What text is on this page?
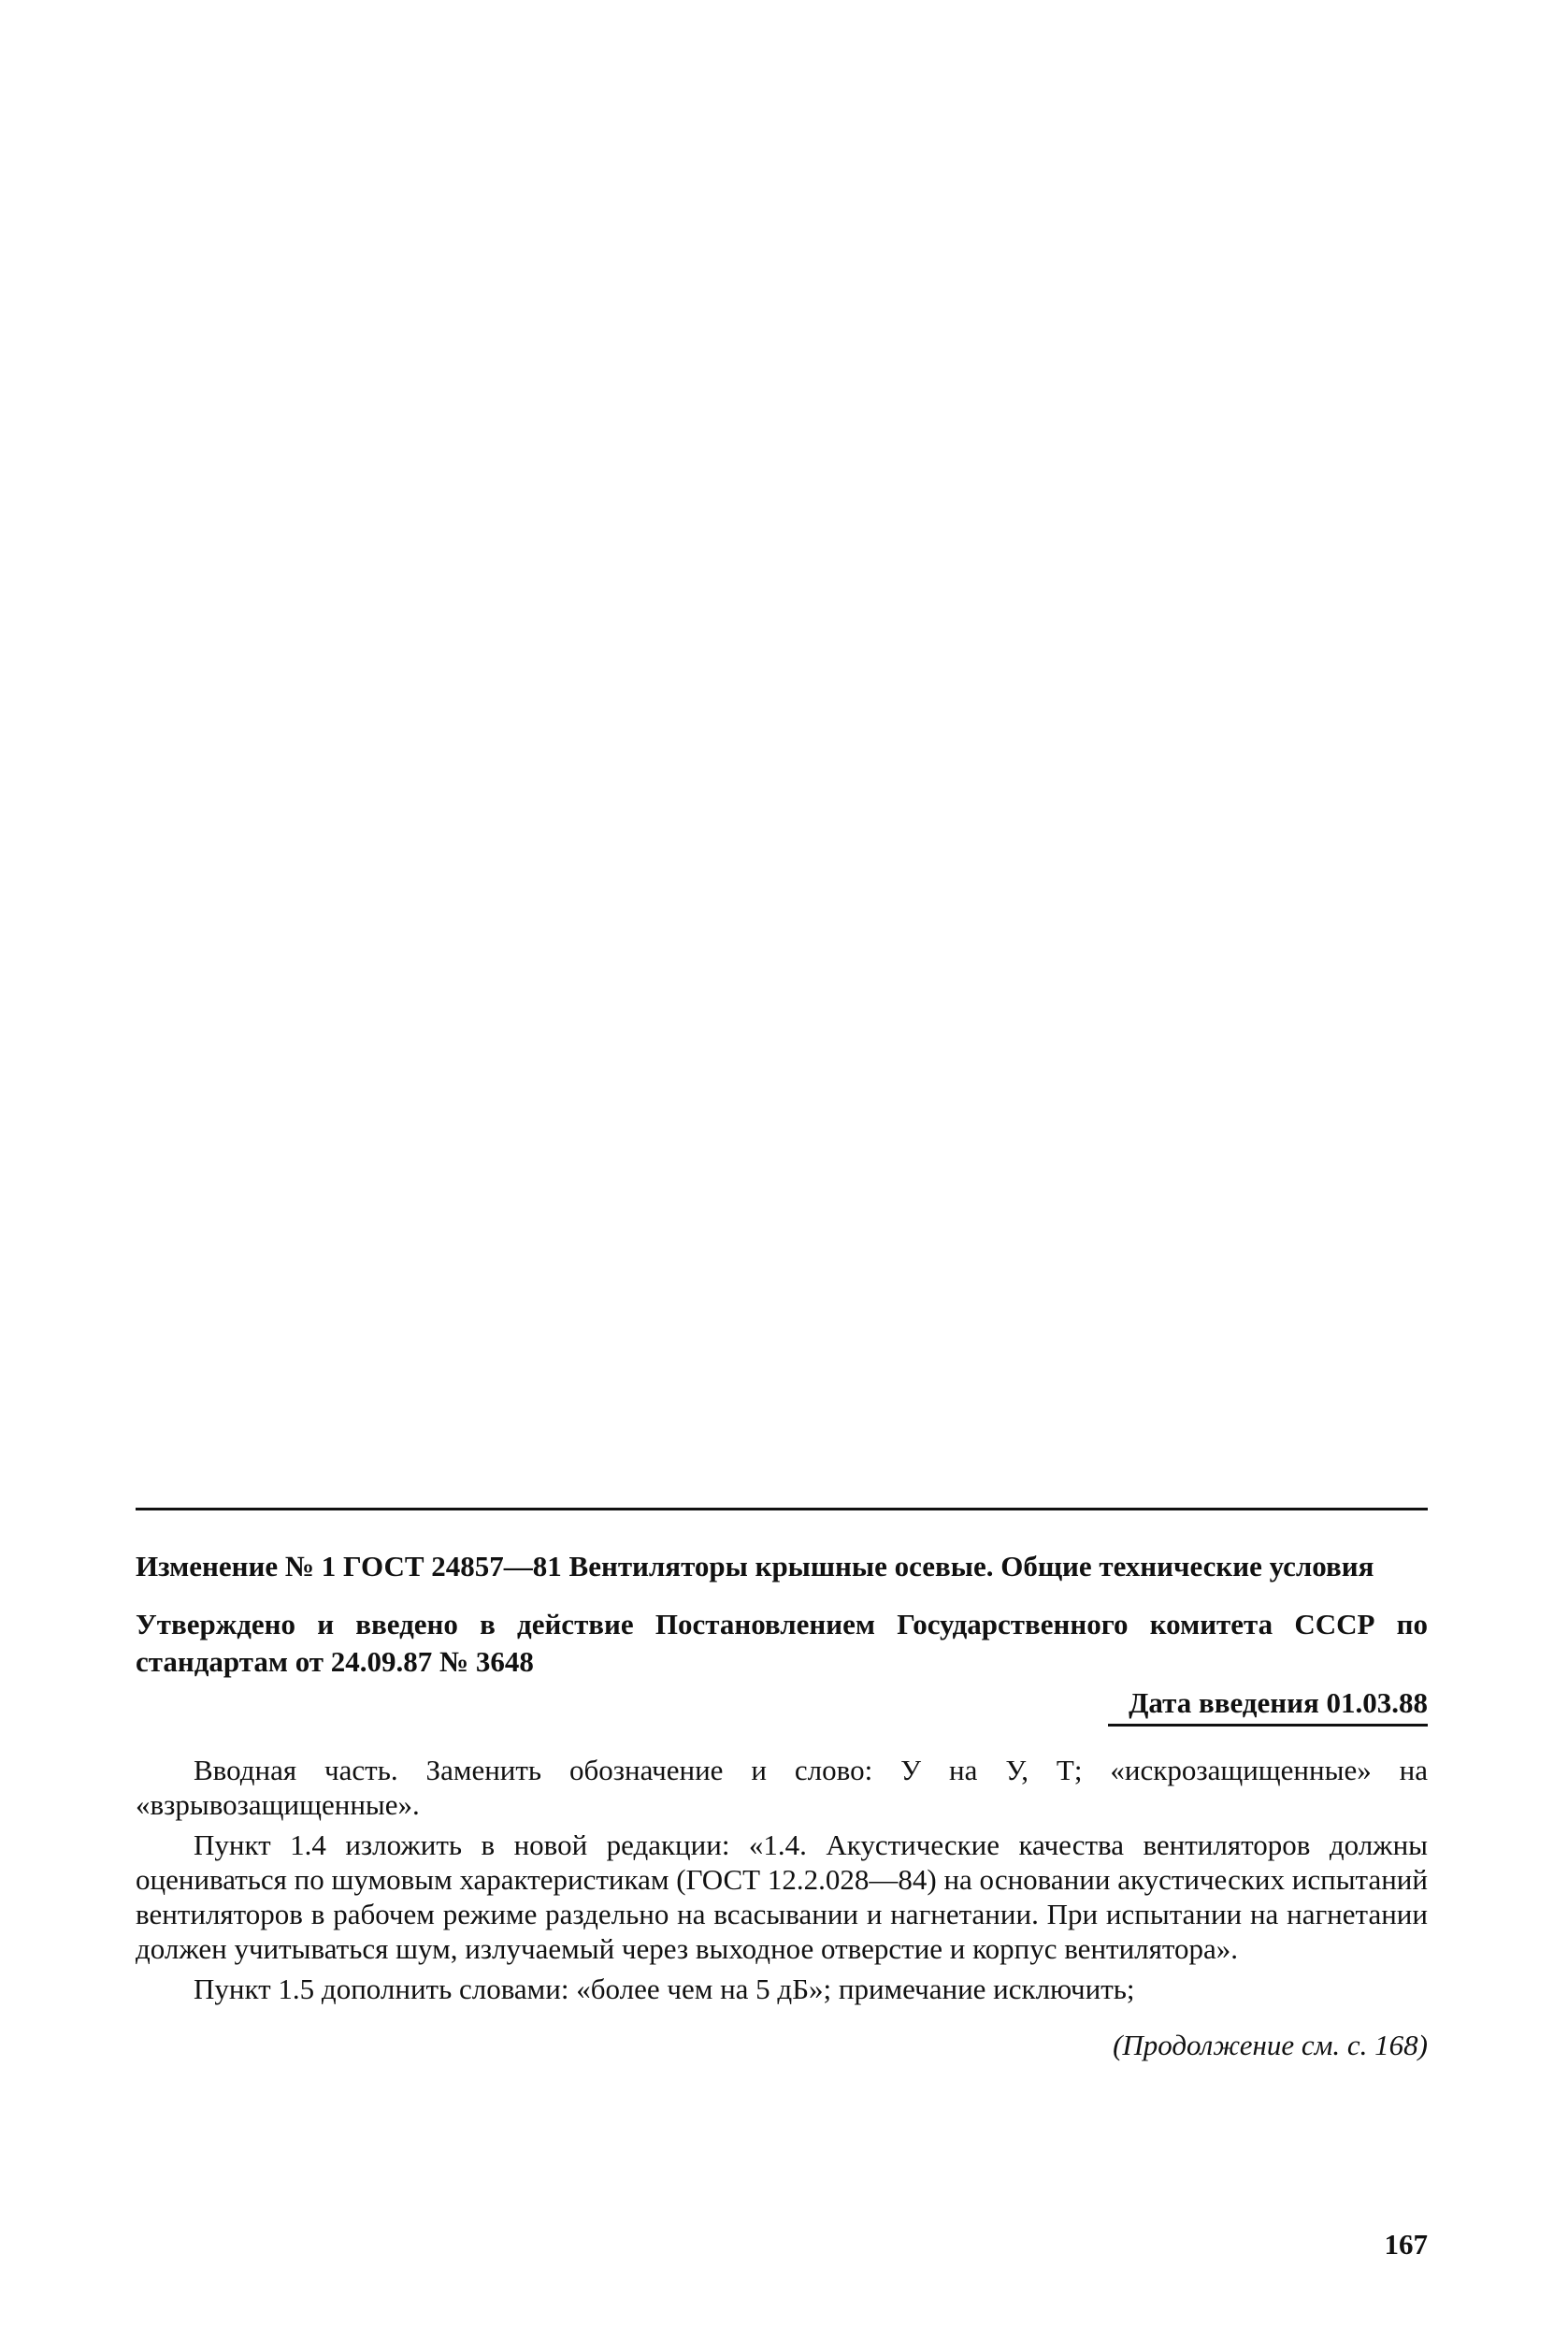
Изменение № 1 ГОСТ 24857—81 Вентиляторы крышные осевые. Общие технические условия

Утверждено и введено в действие Постановлением Государственного комитета СССР по стандартам от 24.09.87 № 3648

Дата введения 01.03.88

Вводная часть. Заменить обозначение и слово: У на У, Т; «искрозащищенные» на «взрывозащищенные».

Пункт 1.4 изложить в новой редакции: «1.4. Акустические качества вентиляторов должны оцениваться по шумовым характеристикам (ГОСТ 12.2.028—84) на основании акустических испытаний вентиляторов в рабочем режиме раздельно на всасывании и нагнетании. При испытании на нагнетании должен учитываться шум, излучаемый через выходное отверстие и корпус вентилятора».

Пункт 1.5 дополнить словами: «более чем на 5 дБ»; примечание исключить;

(Продолжение см. с. 168)
167
